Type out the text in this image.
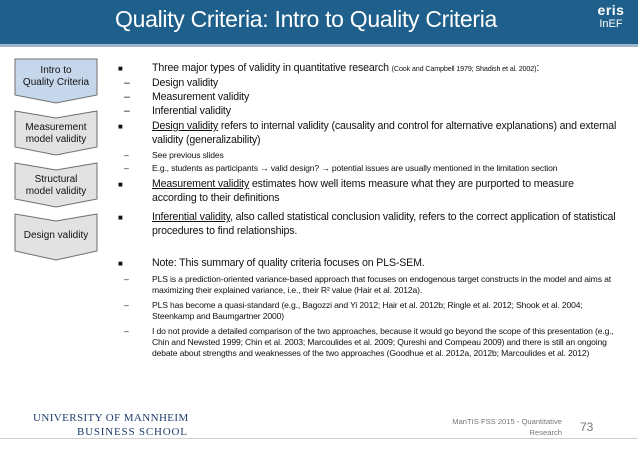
Quality Criteria: Intro to Quality Criteria	eris
InEF
Intro to
Quality Criteria
Measurement
model validity
Structural
model validity
Design validity
■	Three major types of validity in quantitative research (Cook and Campbell 1979; Shadish et al. 2002):
– Design validity
– Measurement validity
– Inferential validity
■	Design validity refers to internal validity (causality and control for alternative explanations) and external validity (generalizability)
–	See previous slides
–	E.g., students as participants → valid design? → potential issues are usually mentioned in the limitation section
■	Measurement validity estimates how well items measure what they are purported to measure according to their definitions
■	Inferential validity, also called statistical conclusion validity, refers to the correct application of statistical procedures to find relationships.
■	Note: This summary of quality criteria focuses on PLS-SEM.
–	PLS is a prediction-oriented variance-based approach that focuses on endogenous target constructs in the model and aims at maximizing their explained variance, i.e., their R² value (Hair et al. 2012a).
–	PLS has become a quasi-standard (e.g., Bagozzi and Yi 2012; Hair et al. 2012b; Ringle et al. 2012; Shook et al. 2004; Steenkamp and Baumgartner 2000)
–	I do not provide a detailed comparison of the two approaches, because it would go beyond the scope of this presentation (e.g., Chin and Newsted 1999; Chin et al. 2003; Marcoulides et al. 2009; Qureshi and Compeau 2009) and there is still an ongoing debate about strengths and weaknesses of the two approaches (Goodhue et al. 2012a, 2012b; Marcoulides et al. 2012)
UNIVERSITY OF MANNHEIM
BUSINESS SCHOOL
ManTIS FSS 2015 - Quantitative Research 73
